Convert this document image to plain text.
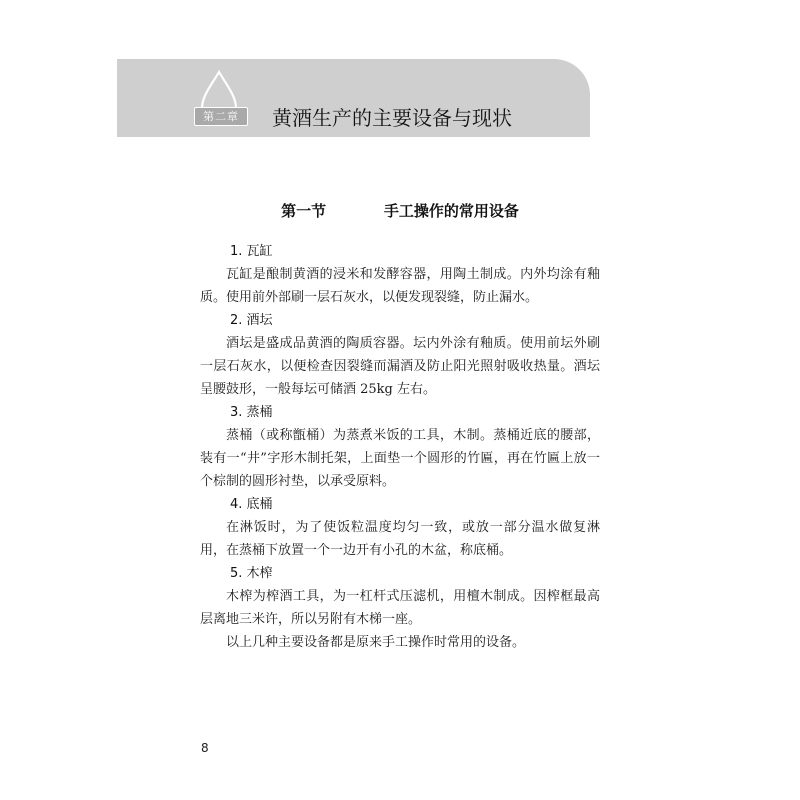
第二章	黄酒生产的主要设备与现状
第一节   手工操作的常用设备
1. 瓦缸

瓦缸是酿制黄酒的浸米和发酵容器，用陶土制成。内外均涂有釉质。使用前外部刷一层石灰水，以便发现裂缝，防止漏水。

2. 酒坛

酒坛是盛成品黄酒的陶质容器。坛内外涂有釉质。使用前坛外刷一层石灰水，以便检查因裂缝而漏酒及防止阳光照射吸收热量。酒坛呈腰鼓形，一般每坛可储酒 25kg 左右。

3. 蒸桶

蒸桶（或称甑桶）为蒸煮米饭的工具，木制。蒸桶近底的腰部，装有一“井”字形木制托架，上面垫一个圆形的竹匾，再在竹匾上放一个棕制的圆形衬垫，以承受原料。

4. 底桶

在淋饭时，为了使饭粒温度均匀一致，或放一部分温水做复淋用，在蒸桶下放置一个一边开有小孔的木盆，称底桶。

5. 木榨

木榨为榨酒工具，为一杠杆式压滤机，用檀木制成。因榨框最高层离地三米许，所以另附有木梯一座。

以上几种主要设备都是原来手工操作时常用的设备。

8
